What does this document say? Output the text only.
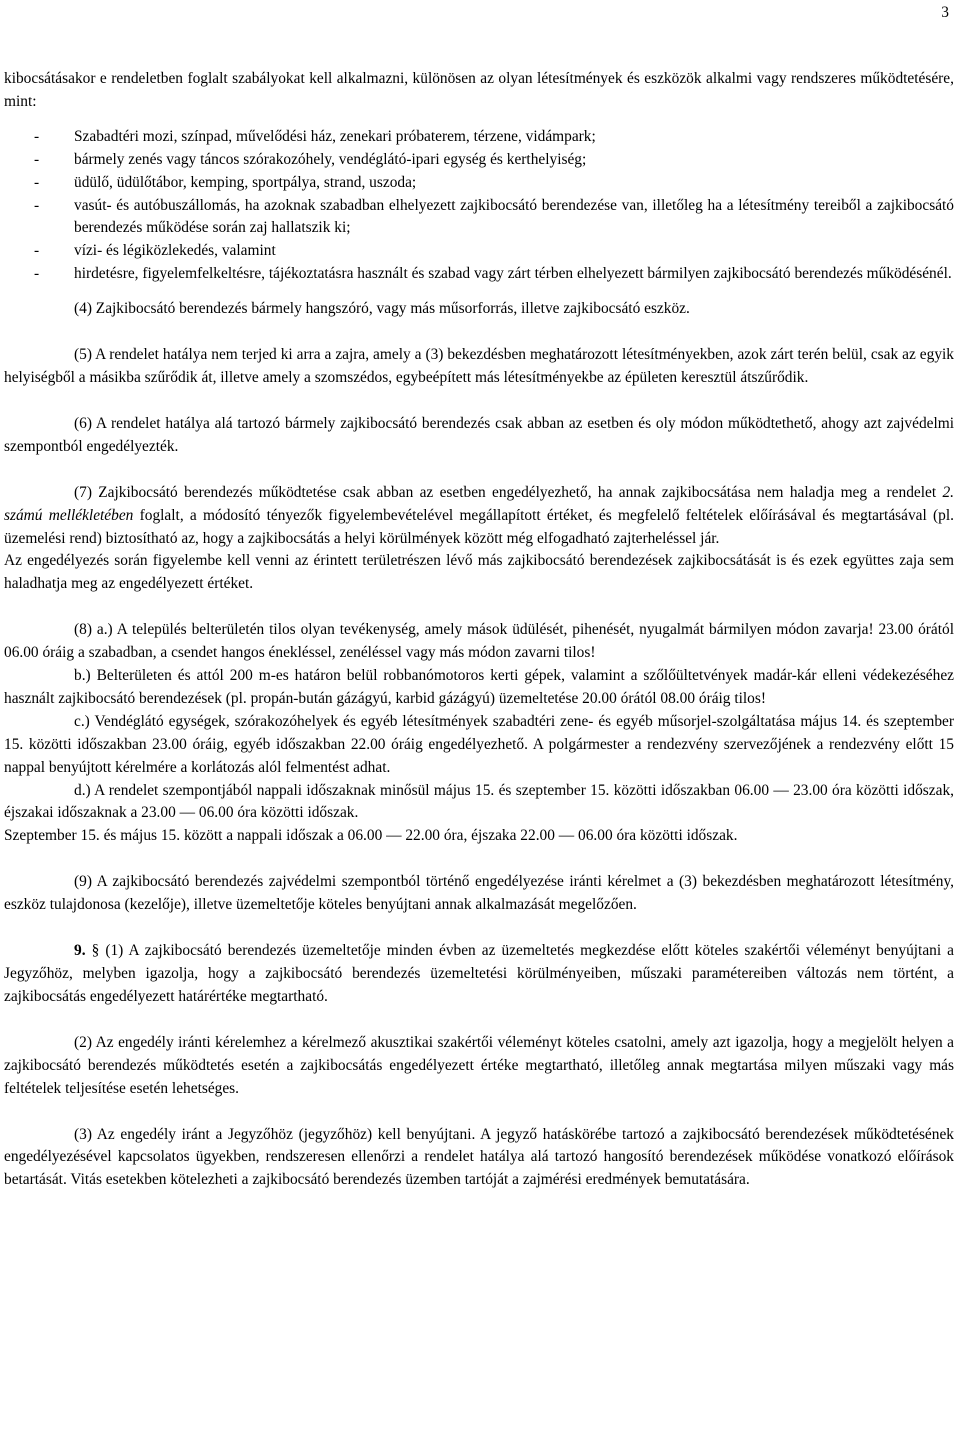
3

kibocsátásakor e rendeletben foglalt szabályokat kell alkalmazni, különösen az olyan létesítmények és eszközök alkalmi vagy rendszeres működtetésére, mint:

- Szabadtéri mozi, színpad, művelődési ház, zenekari próbaterem, térzene, vidámpark;
- bármely zenés vagy táncos szórakozóhely, vendéglátó-ipari egység és kerthelyiség;
- üdülő, üdülőtábor, kemping, sportpálya, strand, uszoda;
- vasút- és autóbuszállomás, ha azoknak szabadban elhelyezett zajkibocsátó berendezése van, illetőleg ha a létesítmény tereiből a zajkibocsátó berendezés működése során zaj hallatszik ki;
- vízi- és légiközlekedés, valamint
- hirdetésre, figyelemfelkeltésre, tájékoztatásra használt és szabad vagy zárt térben elhelyezett bármilyen zajkibocsátó berendezés működésénél.

(4) Zajkibocsátó berendezés bármely hangszóró, vagy más műsorforrás, illetve zajkibocsátó eszköz.

(5) A rendelet hatálya nem terjed ki arra a zajra, amely a (3) bekezdésben meghatározott létesítményekben, azok zárt terén belül, csak az egyik helyiségből a másikba szűrődik át, illetve amely a szomszédos, egybeépített más létesítményekbe az épületen keresztül átszűrődik.

(6) A rendelet hatálya alá tartozó bármely zajkibocsátó berendezés csak abban az esetben és oly módon működtethető, ahogy azt zajvédelmi szempontból engedélyezték.

(7) Zajkibocsátó berendezés működtetése csak abban az esetben engedélyezhető, ha annak zajkibocsátása nem haladja meg a rendelet 2. számú mellékletében foglalt, a módosító tényezők figyelembevételével megállapított értéket, és megfelelő feltételek előírásával és megtartásával (pl. üzemelési rend) biztosítható az, hogy a zajkibocsátás a helyi körülmények között még elfogadható zajterheléssel jár.

Az engedélyezés során figyelembe kell venni az érintett területrészen lévő más zajkibocsátó berendezések zajkibocsátását is és ezek együttes zaja sem haladhatja meg az engedélyezett értéket.

(8) a.) A település belterületén tilos olyan tevékenység, amely mások üdülését, pihenését, nyugalmát bármilyen módon zavarja! 23.00 órától 06.00 óráig a szabadban, a csendet hangos énekléssel, zenéléssel vagy más módon zavarni tilos!

b.) Belterületen és attól 200 m-es határon belül robbanómotoros kerti gépek, valamint a szőlőültetvények madár-kár elleni védekezéséhez használt zajkibocsátó berendezések (pl. propán-bután gázágyú, karbid gázágyú) üzemeltetése 20.00 órától 08.00 óráig tilos!

c.) Vendéglátó egységek, szórakozóhelyek és egyéb létesítmények szabadtéri zene- és egyéb műsorjel-szolgáltatása május 14. és szeptember 15. közötti időszakban 23.00 óráig, egyéb időszakban 22.00 óráig engedélyezhető. A polgármester a rendezvény szervezőjének a rendezvény előtt 15 nappal benyújtott kérelmére a korlátozás alól felmentést adhat.

d.) A rendelet szempontjából nappali időszaknak minősül május 15. és szeptember 15. közötti időszakban 06.00 — 23.00 óra közötti időszak, éjszakai időszaknak a 23.00 — 06.00 óra közötti időszak.

Szeptember 15. és május 15. között a nappali időszak a 06.00 — 22.00 óra, éjszaka 22.00 — 06.00 óra közötti időszak.

(9) A zajkibocsátó berendezés zajvédelmi szempontból történő engedélyezése iránti kérelmet a (3) bekezdésben meghatározott létesítmény, eszköz tulajdonosa (kezelője), illetve üzemeltetője köteles benyújtani annak alkalmazását megelőzően.

9. § (1) A zajkibocsátó berendezés üzemeltetője minden évben az üzemeltetés megkezdése előtt köteles szakértői véleményt benyújtani a Jegyzőhöz, melyben igazolja, hogy a zajkibocsátó berendezés üzemeltetési körülményeiben, műszaki paramétereiben változás nem történt, a zajkibocsátás engedélyezett határértéke megtartható.

(2) Az engedély iránti kérelemhez a kérelmező akusztikai szakértői véleményt köteles csatolni, amely azt igazolja, hogy a megjelölt helyen a zajkibocsátó berendezés működtetés esetén a zajkibocsátás engedélyezett értéke megtartható, illetőleg annak megtartása milyen műszaki vagy más feltételek teljesítése esetén lehetséges.

(3) Az engedély iránt a Jegyzőhöz (jegyzőhöz) kell benyújtani. A jegyző hatáskörébe tartozó a zajkibocsátó berendezések működtetésének engedélyezésével kapcsolatos ügyekben, rendszeresen ellenőrzi a rendelet hatálya alá tartozó hangosító berendezések működése vonatkozó előírások betartását. Vitás esetekben kötelezheti a zajkibocsátó berendezés üzemben tartóját a zajmérési eredmények bemutatására.
